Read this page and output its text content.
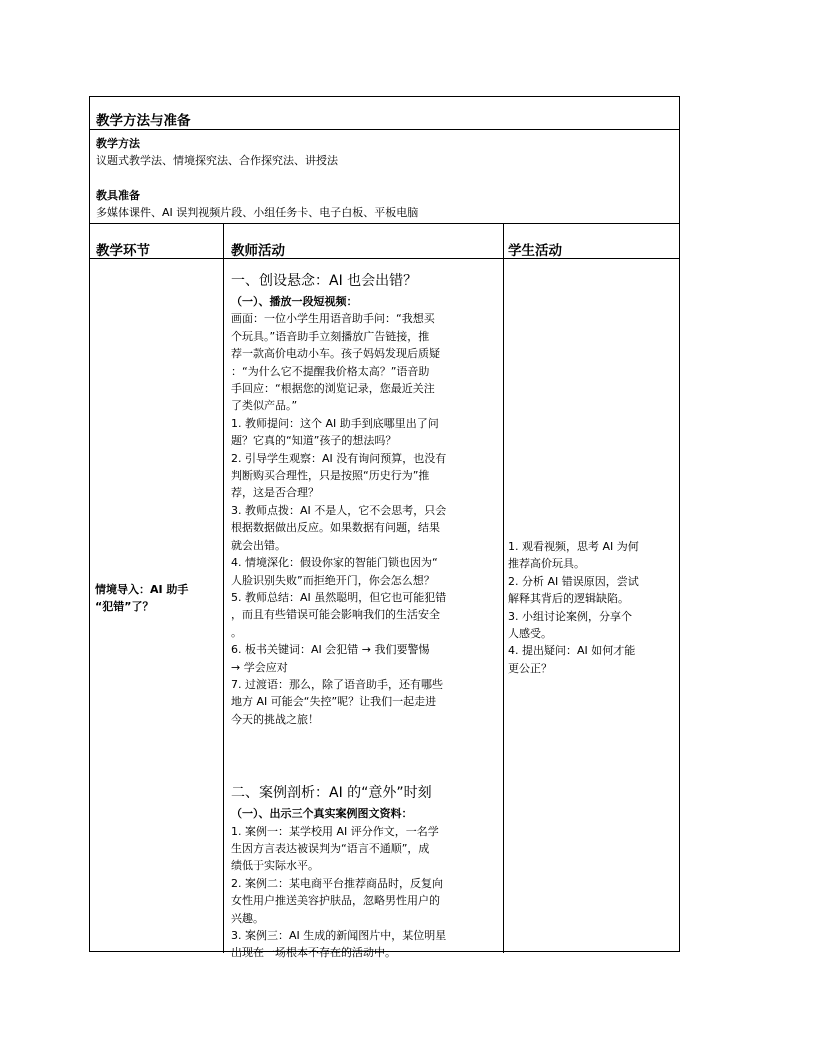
教学方法与准备
教学方法
议题式教学法、情境探究法、合作探究法、讲授法
教具准备
多媒体课件、AI 误判视频片段、小组任务卡、电子白板、平板电脑
教学环节	教师活动	学生活动
情境导入：AI 助手
“犯错”了？
一、创设悬念：AI 也会出错？
（一）、播放一段短视频：
画面：一位小学生用语音助手问：“我想买
个玩具。”语音助手立刻播放广告链接，推
荐一款高价电动小车。孩子妈妈发现后质疑
：“为什么它不提醒我价格太高？”语音助
手回应：“根据您的浏览记录，您最近关注
了类似产品。”
1. 教师提问：这个 AI 助手到底哪里出了问
题？它真的“知道”孩子的想法吗？
2. 引导学生观察：AI 没有询问预算，也没有
判断购买合理性，只是按照“历史行为”推
荐，这是否合理？
3. 教师点拨：AI 不是人，它不会思考，只会
根据数据做出反应。如果数据有问题，结果
就会出错。
4. 情境深化：假设你家的智能门锁也因为“
人脸识别失败”而拒绝开门，你会怎么想？
5. 教师总结：AI 虽然聪明，但它也可能犯错
，而且有些错误可能会影响我们的生活安全
。
6. 板书关键词：AI 会犯错 → 我们要警惕
→ 学会应对
7. 过渡语：那么，除了语音助手，还有哪些
地方 AI 可能会“失控”呢？让我们一起走进
今天的挑战之旅！
二、案例剖析：AI 的“意外”时刻
（一）、出示三个真实案例图文资料：
1. 案例一：某学校用 AI 评分作文，一名学
生因方言表达被误判为“语言不通顺”，成
绩低于实际水平。
2. 案例二：某电商平台推荐商品时，反复向
女性用户推送美容护肤品，忽略男性用户的
兴趣。
3. 案例三：AI 生成的新闻图片中，某位明星
出现在一场根本不存在的活动中。
1. 观看视频，思考 AI 为何
推荐高价玩具。
2. 分析 AI 错误原因，尝试
解释其背后的逻辑缺陷。
3. 小组讨论案例，分享个
人感受。
4. 提出疑问：AI 如何才能
更公正？
